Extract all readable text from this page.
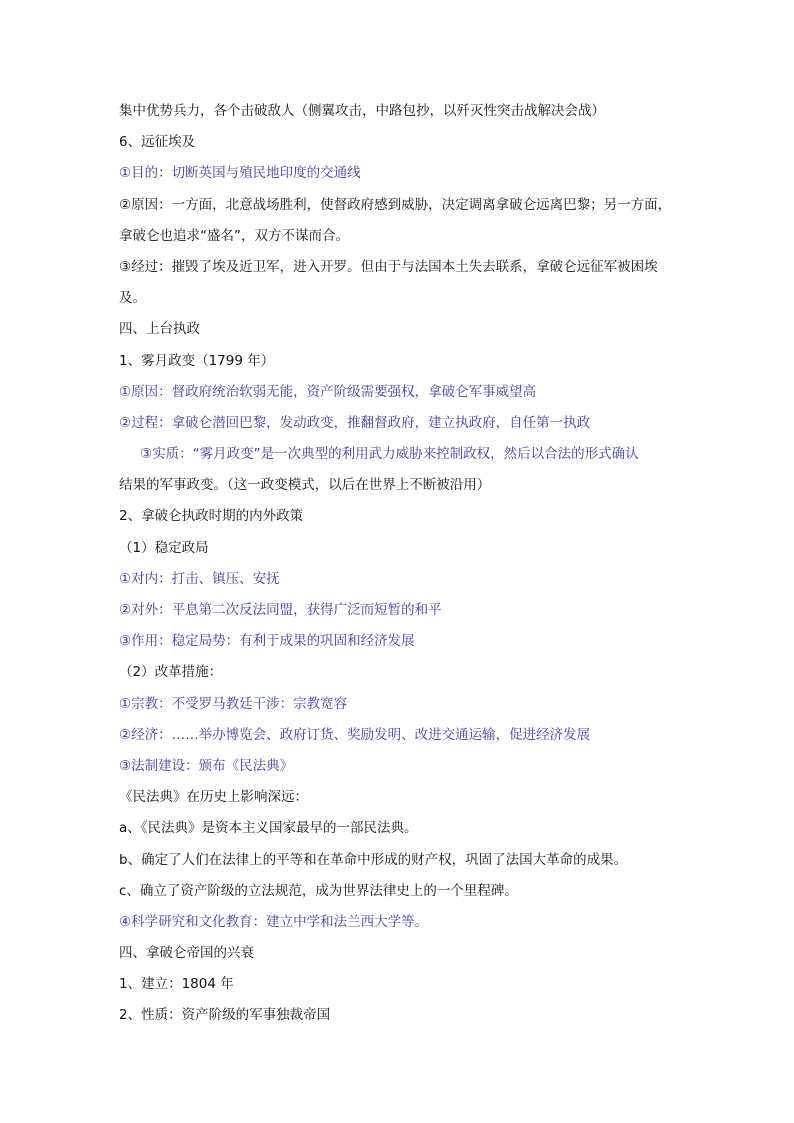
集中优势兵力，各个击破敌人（侧翼攻击，中路包抄，以歼灭性突击战解决会战）
6、远征埃及
①目的：切断英国与殖民地印度的交通线
②原因：一方面，北意战场胜利，使督政府感到威胁，决定调离拿破仑远离巴黎；另一方面，
拿破仑也追求“盛名”，双方不谋而合。
③经过：摧毁了埃及近卫军，进入开罗。但由于与法国本土失去联系，拿破仑远征军被困埃
及。
四、上台执政
1、雾月政变（1799 年）
①原因：督政府统治软弱无能，资产阶级需要强权，拿破仑军事威望高
②过程：拿破仑潜回巴黎，发动政变，推翻督政府，建立执政府，自任第一执政
③实质：“雾月政变”是一次典型的利用武力威胁来控制政权，然后以合法的形式确认
结果的军事政变。（这一政变模式，以后在世界上不断被沿用）
2、拿破仑执政时期的内外政策
（1）稳定政局
①对内：打击、镇压、安抚
②对外：平息第二次反法同盟，获得广泛而短暂的和平
③作用：稳定局势：有利于成果的巩固和经济发展
（2）改革措施：
①宗教：不受罗马教廷干涉：宗教宽容
②经济：……举办博览会、政府订货、奖励发明、改进交通运输，促进经济发展
③法制建设：颁布《民法典》
《民法典》在历史上影响深远：
a、《民法典》是资本主义国家最早的一部民法典。
b、确定了人们在法律上的平等和在革命中形成的财产权，巩固了法国大革命的成果。
c、确立了资产阶级的立法规范，成为世界法律史上的一个里程碑。
④科学研究和文化教育：建立中学和法兰西大学等。
四、拿破仑帝国的兴衰
1、建立：1804 年
2、性质：资产阶级的军事独裁帝国
